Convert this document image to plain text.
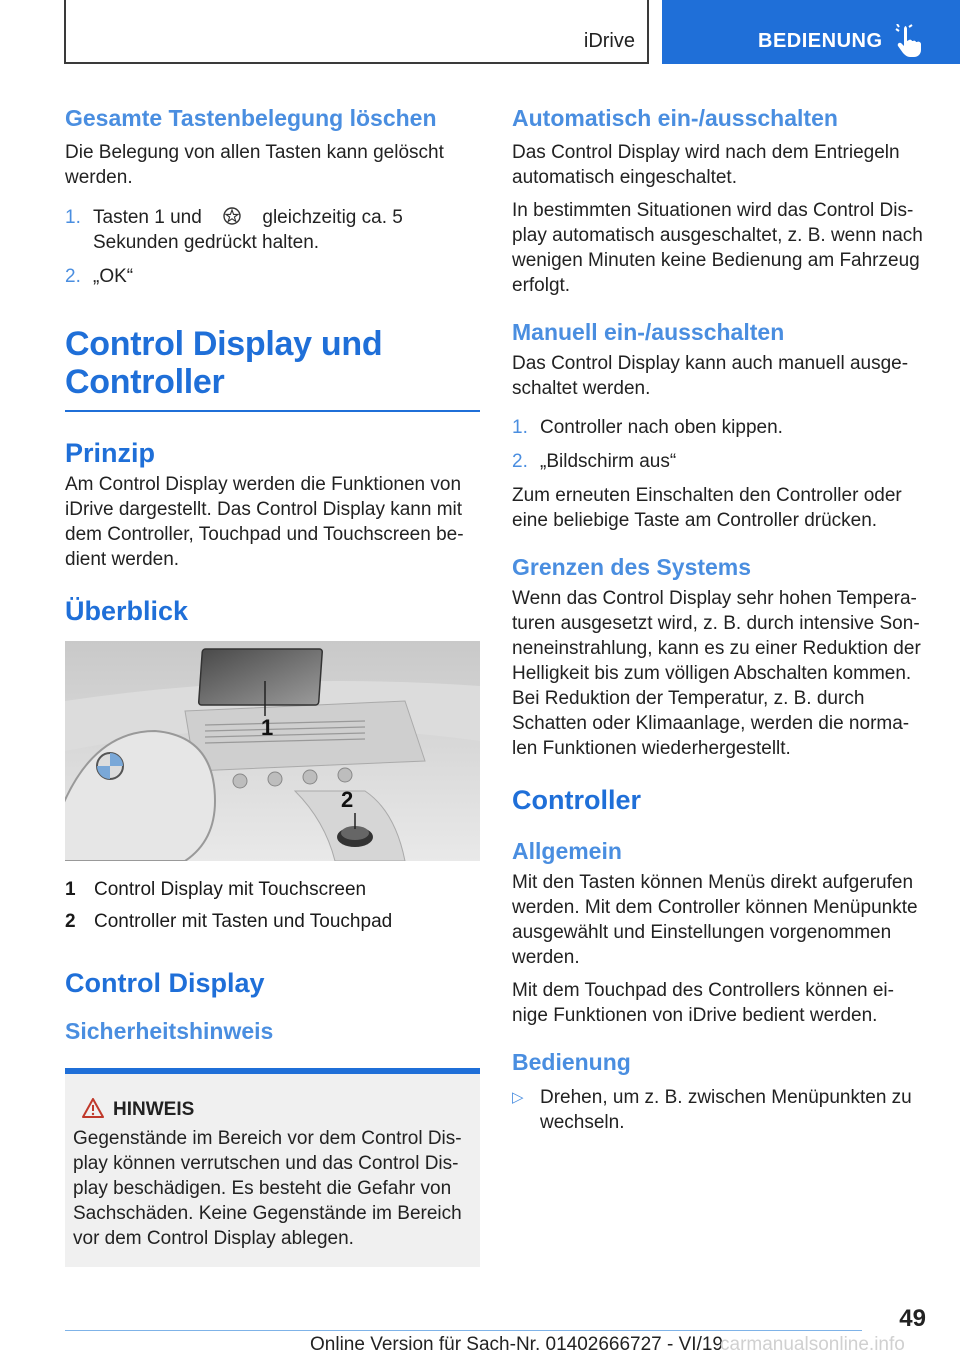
iDrive	BEDIENUNG
Gesamte Tastenbelegung löschen

Die Belegung von allen Tasten kann gelöscht werden.

1. Tasten 1 und	gleichzeitig ca. 5 Sekunden gedrückt halten.
2. „OK“
Control Display und Controller
Prinzip

Am Control Display werden die Funktionen von iDrive dargestellt. Das Control Display kann mit dem Controller, Touchpad und Touchscreen be‐dient werden.

Überblick
1
2
1 Control Display mit Touchscreen
2 Controller mit Tasten und Touchpad
Control Display
Sicherheitshinweis
HINWEIS

Gegenstände im Bereich vor dem Control Dis‐play können verrutschen und das Control Dis‐play beschädigen. Es besteht die Gefahr von Sachschäden. Keine Gegenstände im Bereich vor dem Control Display ablegen.

Automatisch ein-/ausschalten

Das Control Display wird nach dem Entriegeln automatisch eingeschaltet.

In bestimmten Situationen wird das Control Dis‐play automatisch ausgeschaltet, z. B. wenn nach wenigen Minuten keine Bedienung am Fahrzeug erfolgt.

Manuell ein-/ausschalten

Das Control Display kann auch manuell ausge‐schaltet werden.

1. Controller nach oben kippen.
2. „Bildschirm aus“

Zum erneuten Einschalten den Controller oder eine beliebige Taste am Controller drücken.

Grenzen des Systems

Wenn das Control Display sehr hohen Tempera‐turen ausgesetzt wird, z. B. durch intensive Son‐neneinstrahlung, kann es zu einer Reduktion der Helligkeit bis zum völligen Abschalten kommen.

Bei Reduktion der Temperatur, z. B. durch Schatten oder Klimaanlage, werden die norma‐len Funktionen wiederhergestellt.

Controller
Allgemein

Mit den Tasten können Menüs direkt aufgerufen werden. Mit dem Controller können Menüpunkte ausgewählt und Einstellungen vorgenommen werden.

Mit dem Touchpad des Controllers können ei‐nige Funktionen von iDrive bedient werden.

Bedienung
▷ Drehen, um z. B. zwischen Menüpunkten zu wechseln.
49
Online Version für Sach-Nr. 01402666727 - VI/19
carmanualsonline.info
